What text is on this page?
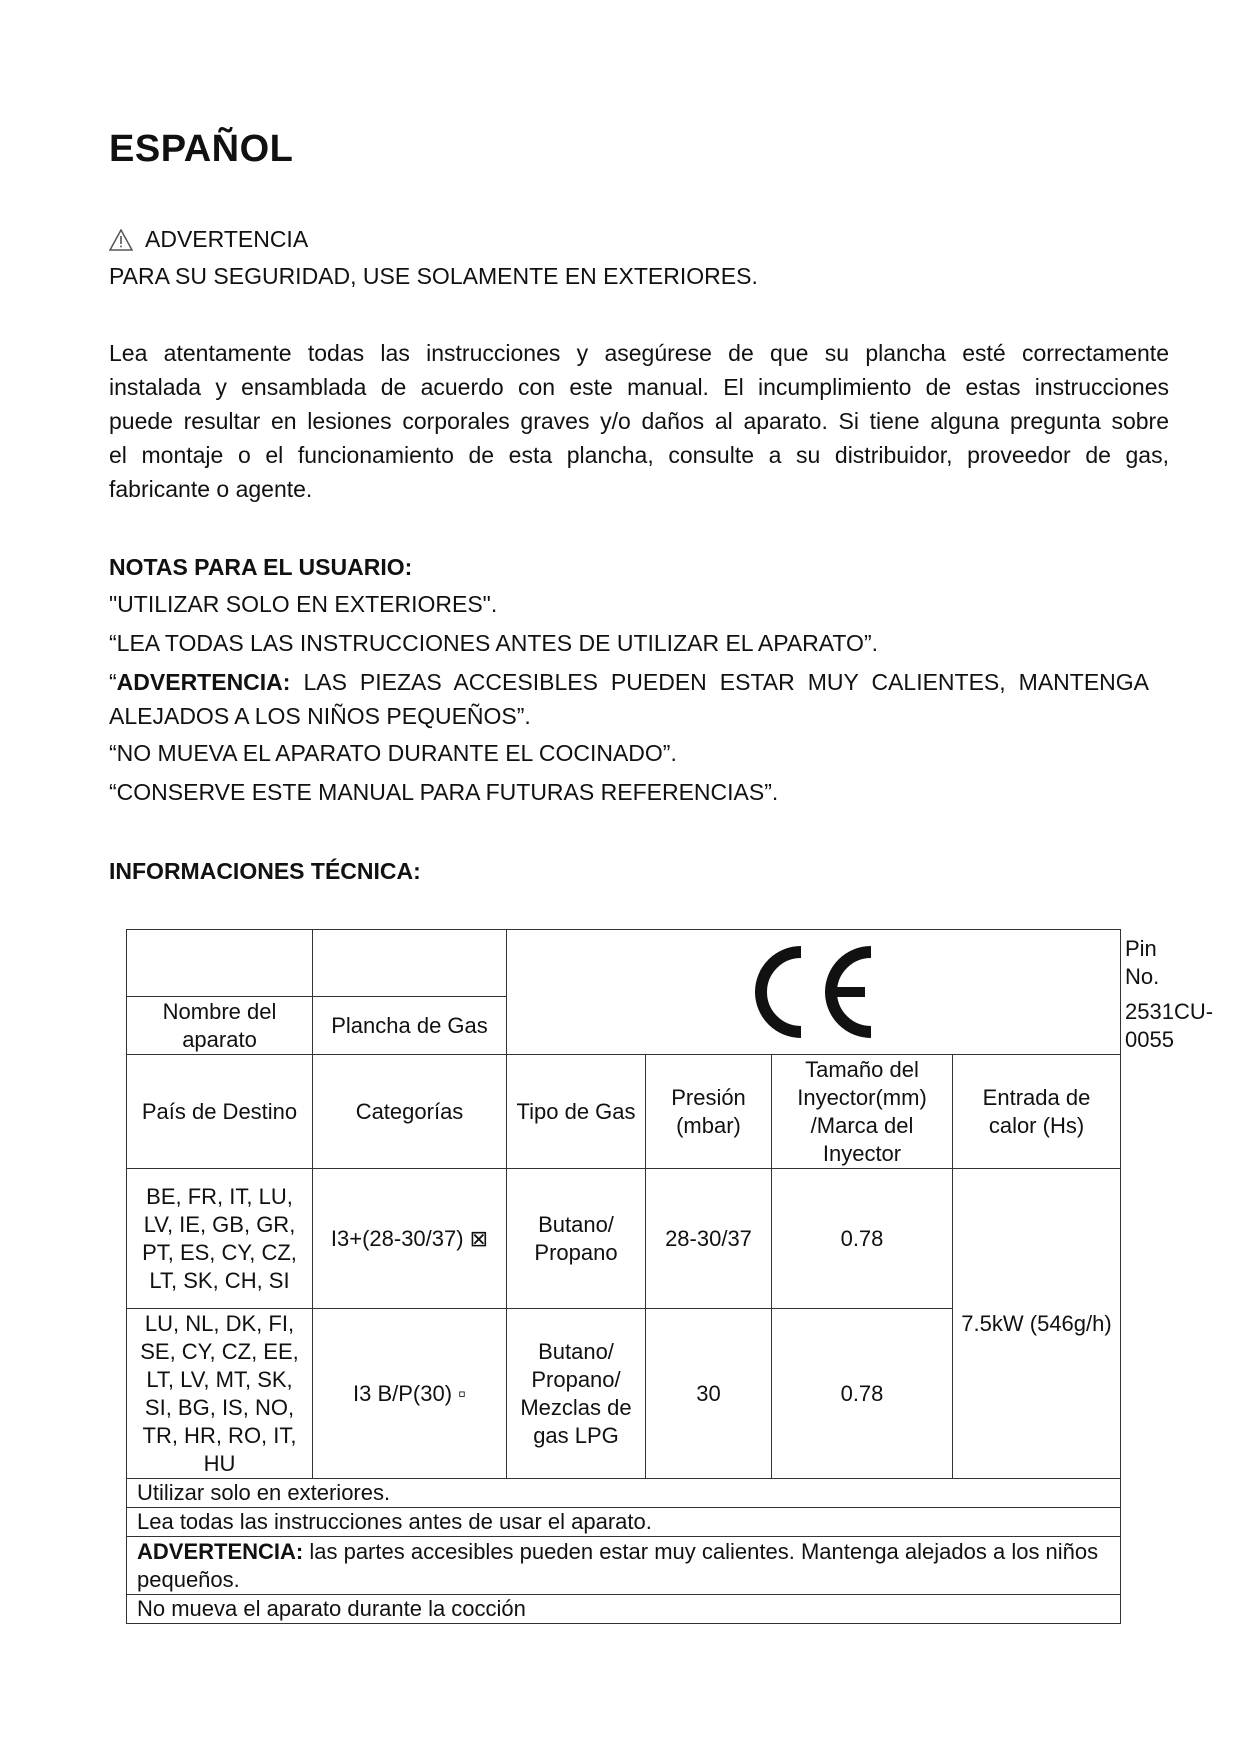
ESPAÑOL
ADVERTENCIA
PARA SU SEGURIDAD, USE SOLAMENTE EN EXTERIORES.

Lea atentamente todas las instrucciones y asegúrese de que su plancha esté correctamente

instalada y ensamblada de acuerdo con este manual. El incumplimiento de estas instrucciones

puede resultar en lesiones corporales graves y/o daños al aparato. Si tiene alguna pregunta sobre

el montaje o el funcionamiento de esta plancha, consulte a su distribuidor, proveedor de gas,

fabricante o agente.

NOTAS PARA EL USUARIO:
"UTILIZAR SOLO EN EXTERIORES".
“LEA TODAS LAS INSTRUCCIONES ANTES DE UTILIZAR EL APARATO”.
“ADVERTENCIA: LAS PIEZAS ACCESIBLES PUEDEN ESTAR MUY CALIENTES, MANTENGA
ALEJADOS A LOS NIÑOS PEQUEÑOS”.
“NO MUEVA EL APARATO DURANTE EL COCINADO”.
“CONSERVE ESTE MANUAL PARA FUTURAS REFERENCIAS”.
INFORMACIONES TÉCNICA:

	Pin No.
Nombre del aparato	Plancha de Gas					2531CU-0055
País de Destino	Categorías	Tipo de Gas	Presión (mbar)	Tamaño del Inyector(mm) /Marca del Inyector	Entrada de calor (Hs)	
BE, FR, IT, LU, LV, IE, GB, GR, PT, ES, CY, CZ, LT, SK, CH, SI	I3+(28-30/37) ⊠	Butano/ Propano	28-30/37	0.78	7.5kW (546g/h)	
LU, NL, DK, FI, SE, CY, CZ, EE, LT, LV, MT, SK, SI, BG, IS, NO, TR, HR, RO, IT, HU	I3 B/P(30) ▫	Butano/ Propano/ Mezclas de gas LPG	30	0.78		
Utilizar solo en exteriores.						
Lea todas las instrucciones antes de usar el aparato.						
ADVERTENCIA: las partes accesibles pueden estar muy calientes. Mantenga alejados a los niños pequeños.						
No mueva el aparato durante la cocción						
